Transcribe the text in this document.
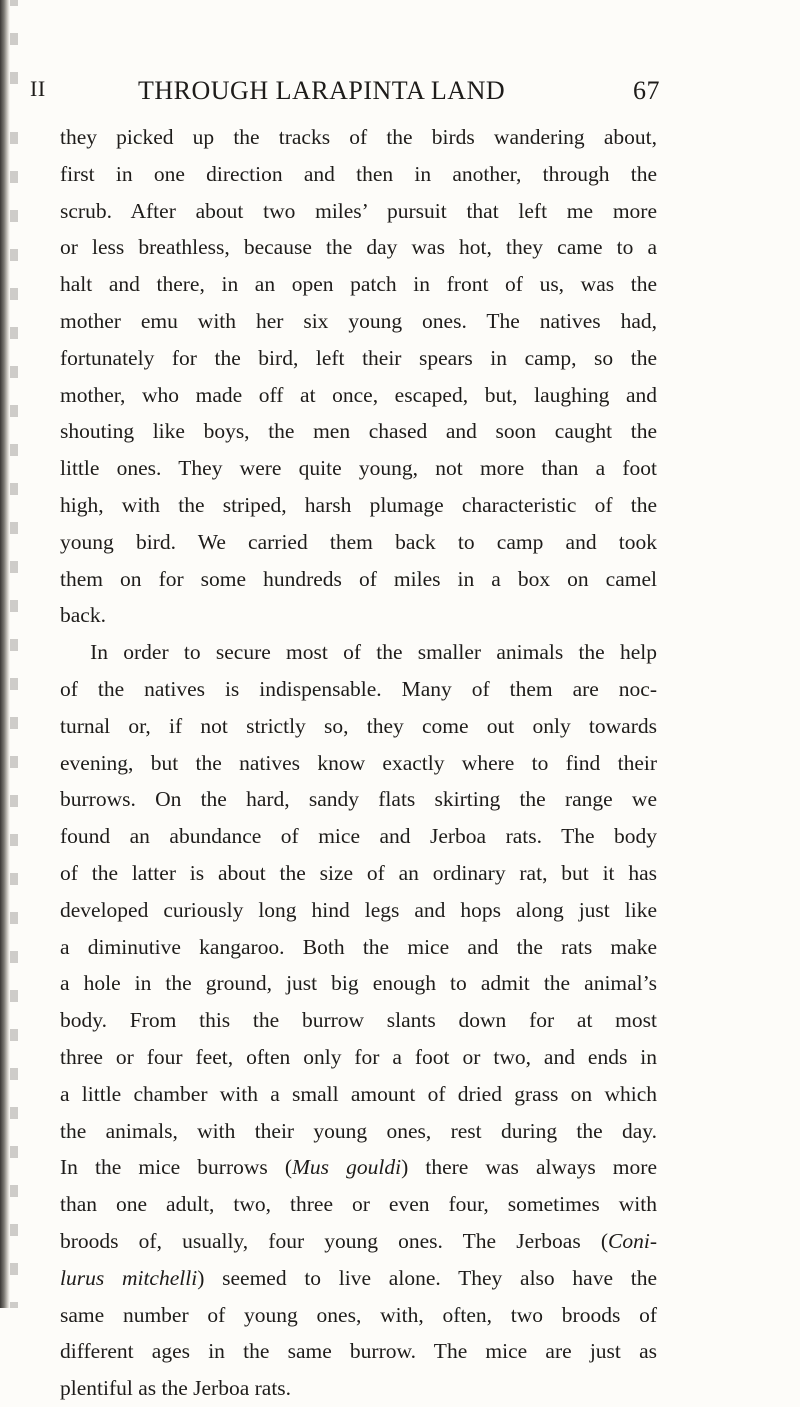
II	THROUGH LARAPINTA LAND	67
they picked up the tracks of the birds wandering about,
first in one direction and then in another, through the
scrub. After about two miles’ pursuit that left me more
or less breathless, because the day was hot, they came to a
halt and there, in an open patch in front of us, was the
mother emu with her six young ones. The natives had,
fortunately for the bird, left their spears in camp, so the
mother, who made off at once, escaped, but, laughing and
shouting like boys, the men chased and soon caught the
little ones. They were quite young, not more than a foot
high, with the striped, harsh plumage characteristic of the
young bird. We carried them back to camp and took
them on for some hundreds of miles in a box on camel
back.
In order to secure most of the smaller animals the help
of the natives is indispensable. Many of them are noc-
turnal or, if not strictly so, they come out only towards
evening, but the natives know exactly where to find their
burrows. On the hard, sandy flats skirting the range we
found an abundance of mice and Jerboa rats. The body
of the latter is about the size of an ordinary rat, but it has
developed curiously long hind legs and hops along just like
a diminutive kangaroo. Both the mice and the rats make
a hole in the ground, just big enough to admit the animal’s
body. From this the burrow slants down for at most
three or four feet, often only for a foot or two, and ends in
a little chamber with a small amount of dried grass on which
the animals, with their young ones, rest during the day.
In the mice burrows (Mus gouldi) there was always more
than one adult, two, three or even four, sometimes with
broods of, usually, four young ones. The Jerboas (Coni-
lurus mitchelli) seemed to live alone. They also have the
same number of young ones, with, often, two broods of
different ages in the same burrow. The mice are just as
plentiful as the Jerboa rats.
